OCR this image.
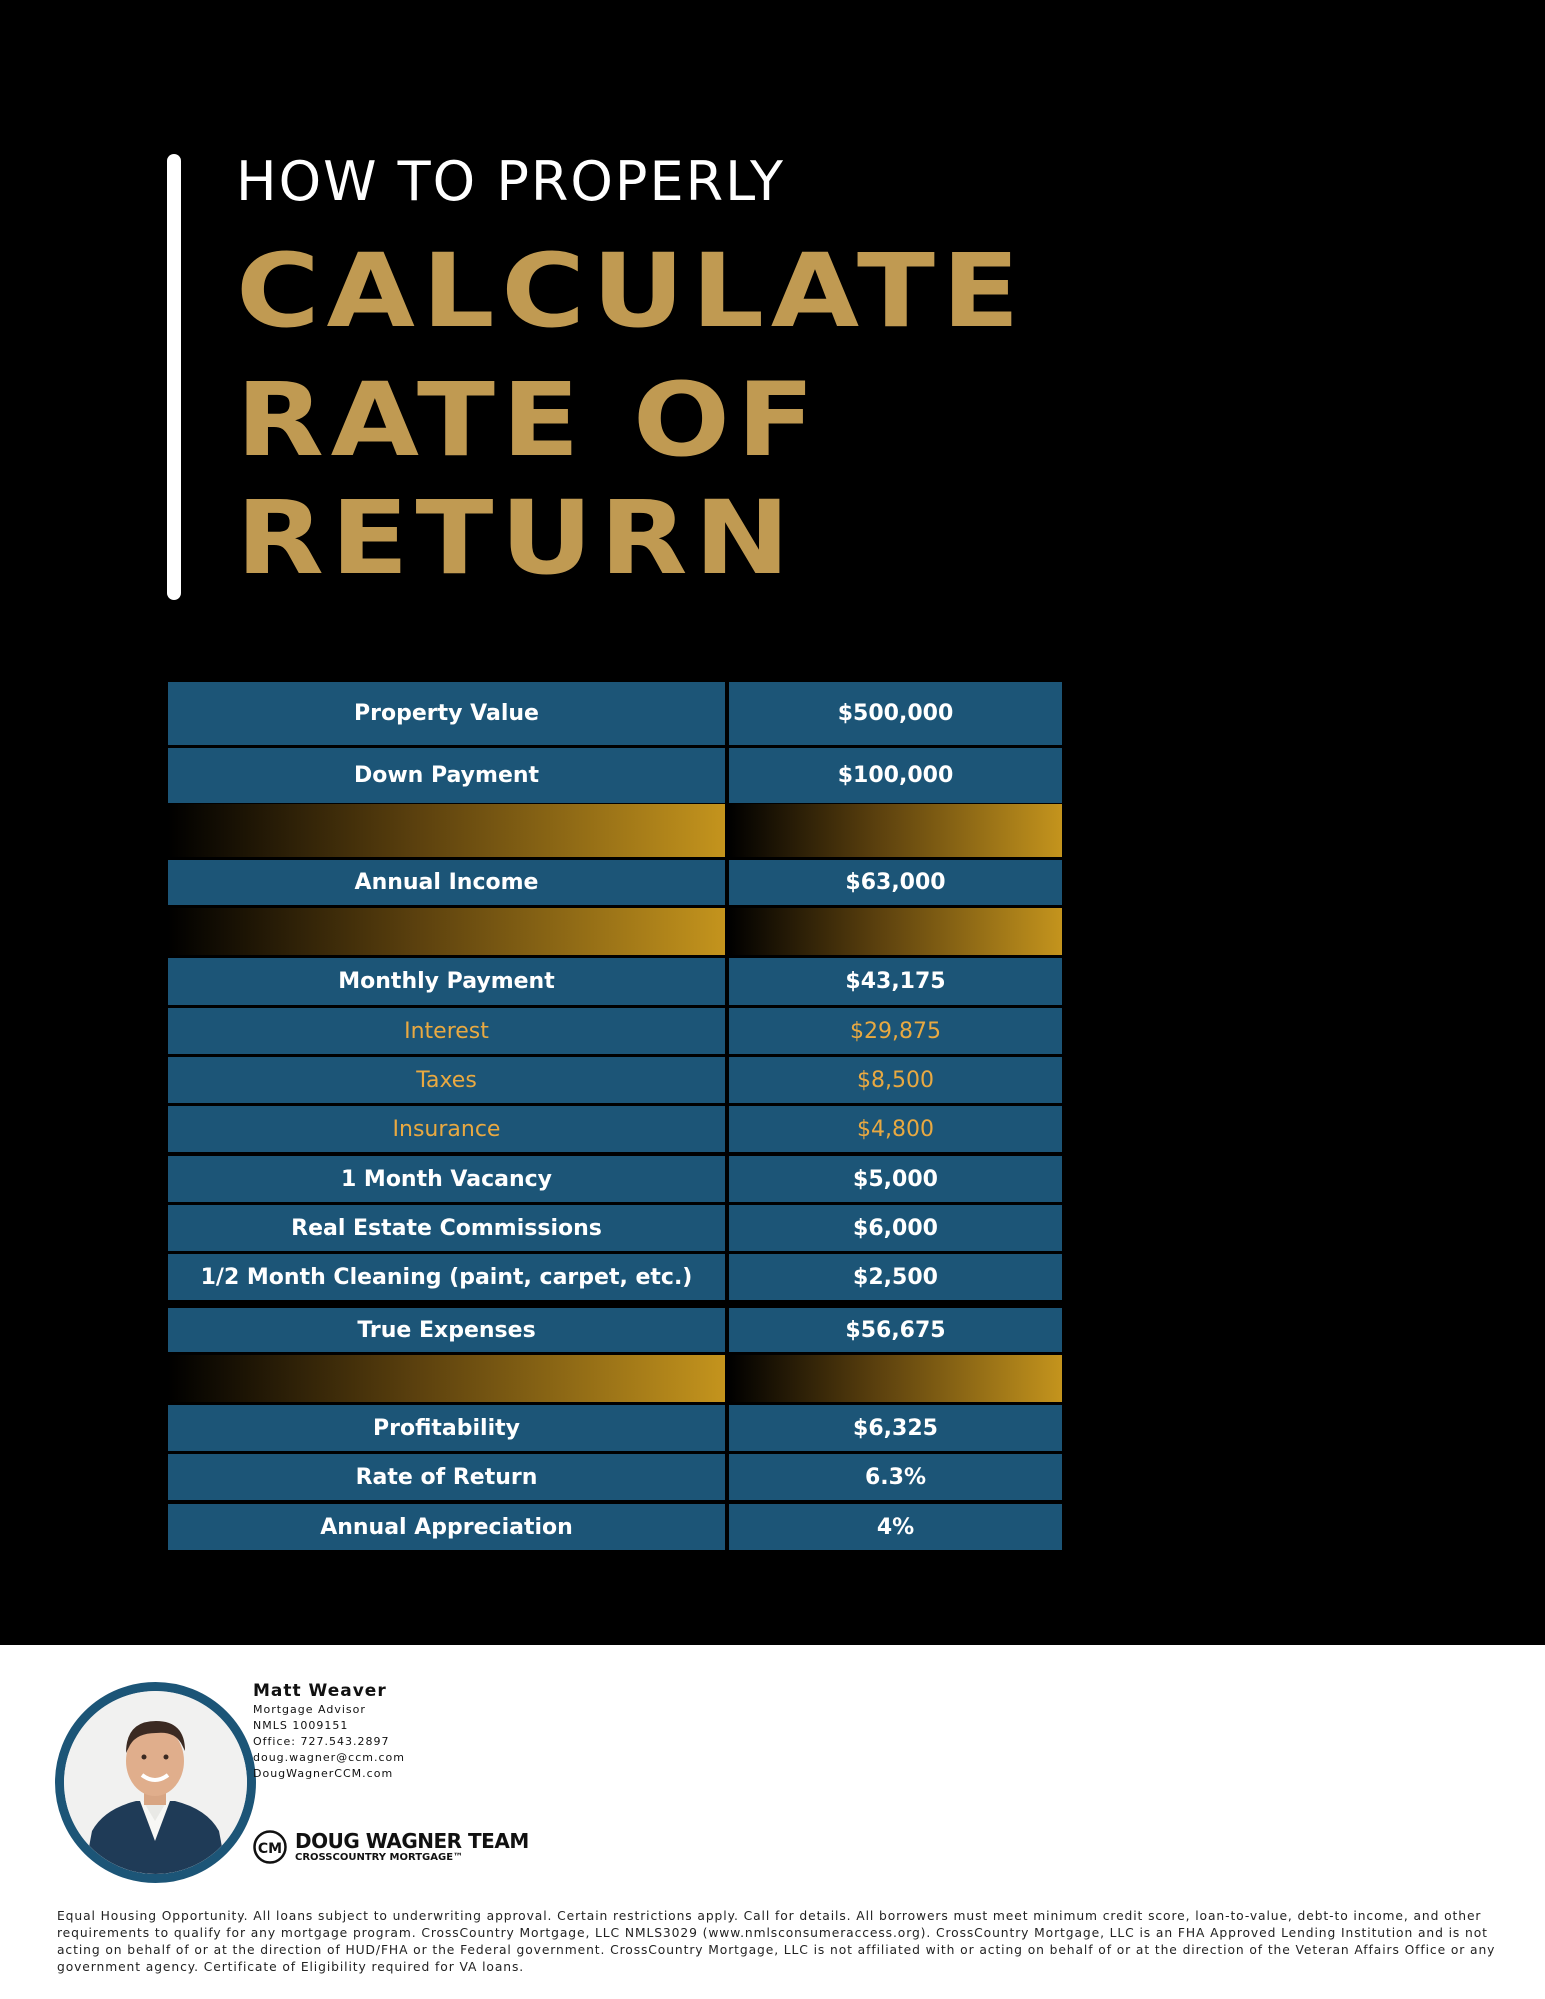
HOW TO PROPERLY
CALCULATE
RATE OF
RETURN
Property Value	$500,000
Down Payment	$100,000
Annual Income	$63,000
Monthly Payment	$43,175
Interest	$29,875
Taxes	$8,500
Insurance	$4,800
1 Month Vacancy	$5,000
Real Estate Commissions	$6,000
1/2 Month Cleaning (paint, carpet, etc.)	$2,500
True Expenses	$56,675
Profitability	$6,325
Rate of Return	6.3%
Annual Appreciation	4%
Matt Weaver
Mortgage Advisor
NMLS 1009151
Office: 727.543.2897
doug.wagner@ccm.com
DougWagnerCCM.com
CM DOUG WAGNER TEAM
CROSSCOUNTRY MORTGAGE™
Equal Housing Opportunity. All loans subject to underwriting approval. Certain restrictions apply. Call for details. All borrowers must meet minimum credit score, loan-to-value, debt-to income, and other requirements to qualify for any mortgage program. CrossCountry Mortgage, LLC NMLS3029 (www.nmlsconsumeraccess.org). CrossCountry Mortgage, LLC is an FHA Approved Lending Institution and is not acting on behalf of or at the direction of HUD/FHA or the Federal government. CrossCountry Mortgage, LLC is not affiliated with or acting on behalf of or at the direction of the Veteran Affairs Office or any government agency. Certificate of Eligibility required for VA loans.
